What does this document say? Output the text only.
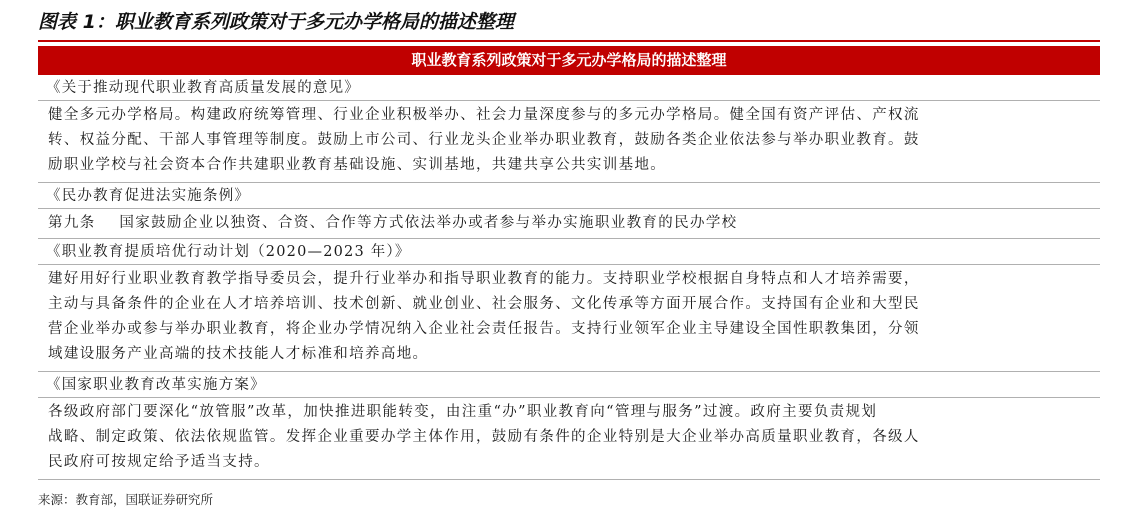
图表 1：职业教育系列政策对于多元办学格局的描述整理
职业教育系列政策对于多元办学格局的描述整理
《关于推动现代职业教育高质量发展的意见》
健全多元办学格局。构建政府统筹管理、行业企业积极举办、社会力量深度参与的多元办学格局。健全国有资产评估、产权流
转、权益分配、干部人事管理等制度。鼓励上市公司、行业龙头企业举办职业教育，鼓励各类企业依法参与举办职业教育。鼓
励职业学校与社会资本合作共建职业教育基础设施、实训基地，共建共享公共实训基地。
《民办教育促进法实施条例》
第九条    国家鼓励企业以独资、合资、合作等方式依法举办或者参与举办实施职业教育的民办学校
《职业教育提质培优行动计划（2020—2023 年）》
建好用好行业职业教育教学指导委员会，提升行业举办和指导职业教育的能力。支持职业学校根据自身特点和人才培养需要，
主动与具备条件的企业在人才培养培训、技术创新、就业创业、社会服务、文化传承等方面开展合作。支持国有企业和大型民
营企业举办或参与举办职业教育，将企业办学情况纳入企业社会责任报告。支持行业领军企业主导建设全国性职教集团，分领
域建设服务产业高端的技术技能人才标准和培养高地。
《国家职业教育改革实施方案》
各级政府部门要深化“放管服”改革，加快推进职能转变，由注重“办”职业教育向“管理与服务”过渡。政府主要负责规划
战略、制定政策、依法依规监管。发挥企业重要办学主体作用，鼓励有条件的企业特别是大企业举办高质量职业教育，各级人
民政府可按规定给予适当支持。
来源：教育部，国联证券研究所
